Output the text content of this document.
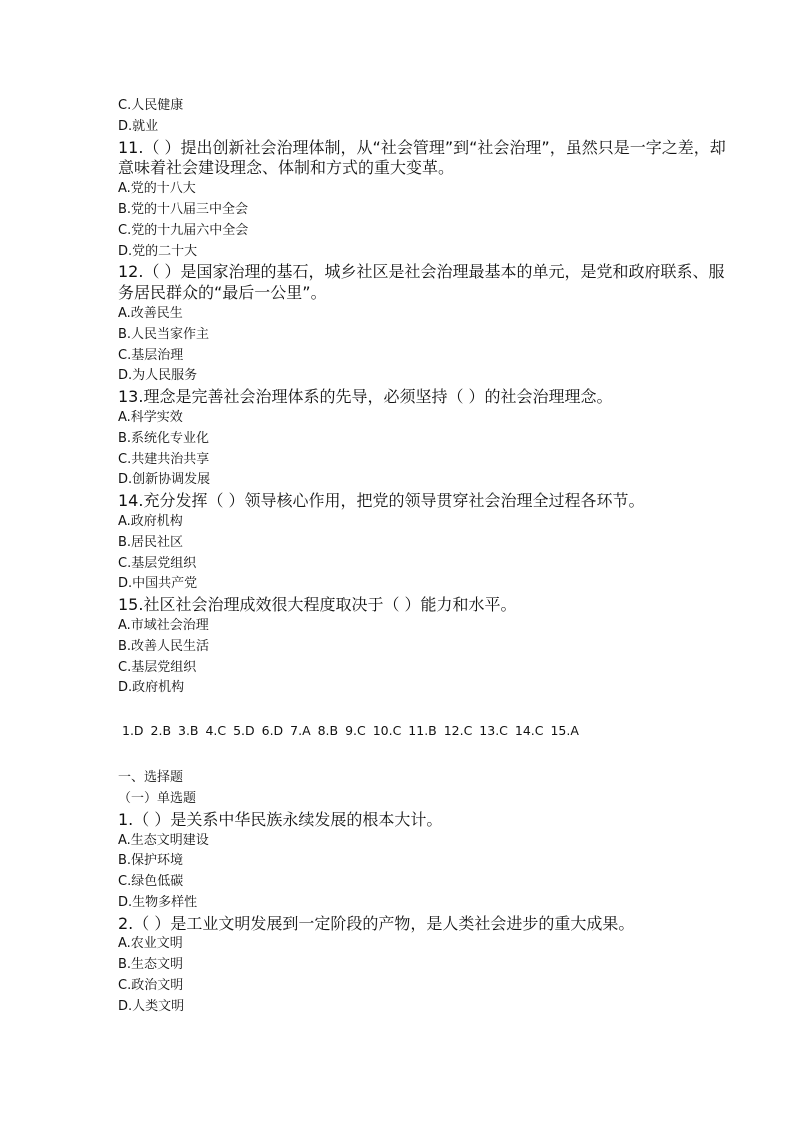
C.人民健康
D.就业
11.（ ）提出创新社会治理体制，从“社会管理”到“社会治理”，虽然只是一字之差，却
意味着社会建设理念、体制和方式的重大变革。
A.党的十八大
B.党的十八届三中全会
C.党的十九届六中全会
D.党的二十大
12.（ ）是国家治理的基石，城乡社区是社会治理最基本的单元，是党和政府联系、服
务居民群众的“最后一公里”。
A.改善民生
B.人民当家作主
C.基层治理
D.为人民服务
13.理念是完善社会治理体系的先导，必须坚持（ ）的社会治理理念。
A.科学实效
B.系统化专业化
C.共建共治共享
D.创新协调发展
14.充分发挥（ ）领导核心作用，把党的领导贯穿社会治理全过程各环节。
A.政府机构
B.居民社区
C.基层党组织
D.中国共产党
15.社区社会治理成效很大程度取决于（ ）能力和水平。
A.市域社会治理
B.改善人民生活
C.基层党组织
D.政府机构
1.D 2.B 3.B 4.C 5.D 6.D 7.A 8.B 9.C 10.C 11.B 12.C 13.C 14.C 15.A
一、选择题
（一）单选题
1.（ ）是关系中华民族永续发展的根本大计。
A.生态文明建设
B.保护环境
C.绿色低碳
D.生物多样性
2.（ ）是工业文明发展到一定阶段的产物，是人类社会进步的重大成果。
A.农业文明
B.生态文明
C.政治文明
D.人类文明
